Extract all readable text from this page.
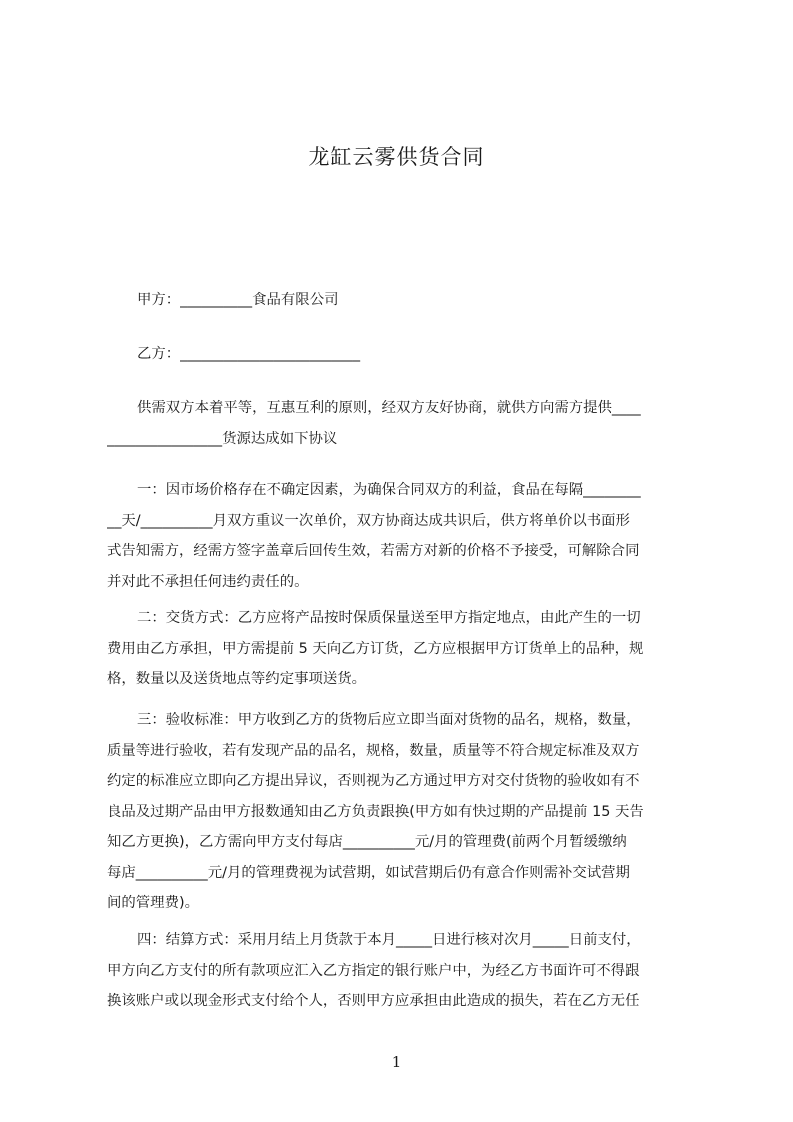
龙缸云雾供货合同
甲方：__________食品有限公司
乙方：_________________________
供需双方本着平等，互惠互利的原则，经双方友好协商，就供方向需方提供____
________________货源达成如下协议
一：因市场价格存在不确定因素，为确保合同双方的利益，食品在每隔________
__天/__________月双方重议一次单价，双方协商达成共识后，供方将单价以书面形
式告知需方，经需方签字盖章后回传生效，若需方对新的价格不予接受，可解除合同
并对此不承担任何违约责任的。
二：交货方式：乙方应将产品按时保质保量送至甲方指定地点，由此产生的一切
费用由乙方承担，甲方需提前 5 天向乙方订货，乙方应根据甲方订货单上的品种，规
格，数量以及送货地点等约定事项送货。
三：验收标准：甲方收到乙方的货物后应立即当面对货物的品名，规格，数量，
质量等进行验收，若有发现产品的品名，规格，数量，质量等不符合规定标准及双方
约定的标准应立即向乙方提出异议，否则视为乙方通过甲方对交付货物的验收如有不
良品及过期产品由甲方报数通知由乙方负责跟换(甲方如有快过期的产品提前 15 天告
知乙方更换)，乙方需向甲方支付每店__________元/月的管理费(前两个月暂缓缴纳
每店__________元/月的管理费视为试营期，如试营期后仍有意合作则需补交试营期
间的管理费)。
四：结算方式：采用月结上月货款于本月_____日进行核对次月_____日前支付，
甲方向乙方支付的所有款项应汇入乙方指定的银行账户中，为经乙方书面许可不得跟
换该账户或以现金形式支付给个人，否则甲方应承担由此造成的损失，若在乙方无任
1
